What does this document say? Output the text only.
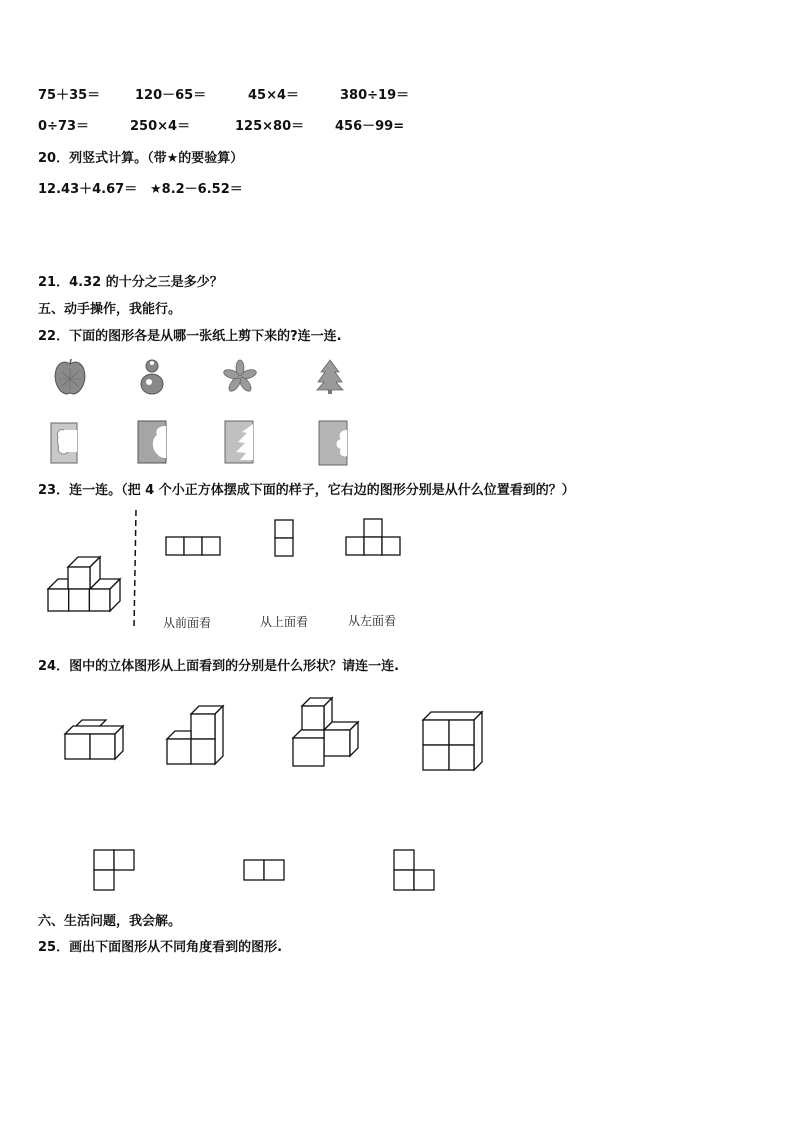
75＋35＝	120－65＝	45×4＝	380÷19＝
0÷73＝	250×4＝	125×80＝ 456－99=
20．列竖式计算。（带★的要验算）
12.43＋4.67＝ ★8.2－6.52＝
21．4.32 的十分之三是多少？
五、动手操作，我能行。
22．下面的图形各是从哪一张纸上剪下来的?连一连.
23．连一连。（把 4 个小正方体摆成下面的样子，它右边的图形分别是从什么位置看到的？）
从前面看	从上面看	从左面看
24．图中的立体图形从上面看到的分别是什么形状？请连一连.
六、生活问题，我会解。
25．画出下面图形从不同角度看到的图形.
